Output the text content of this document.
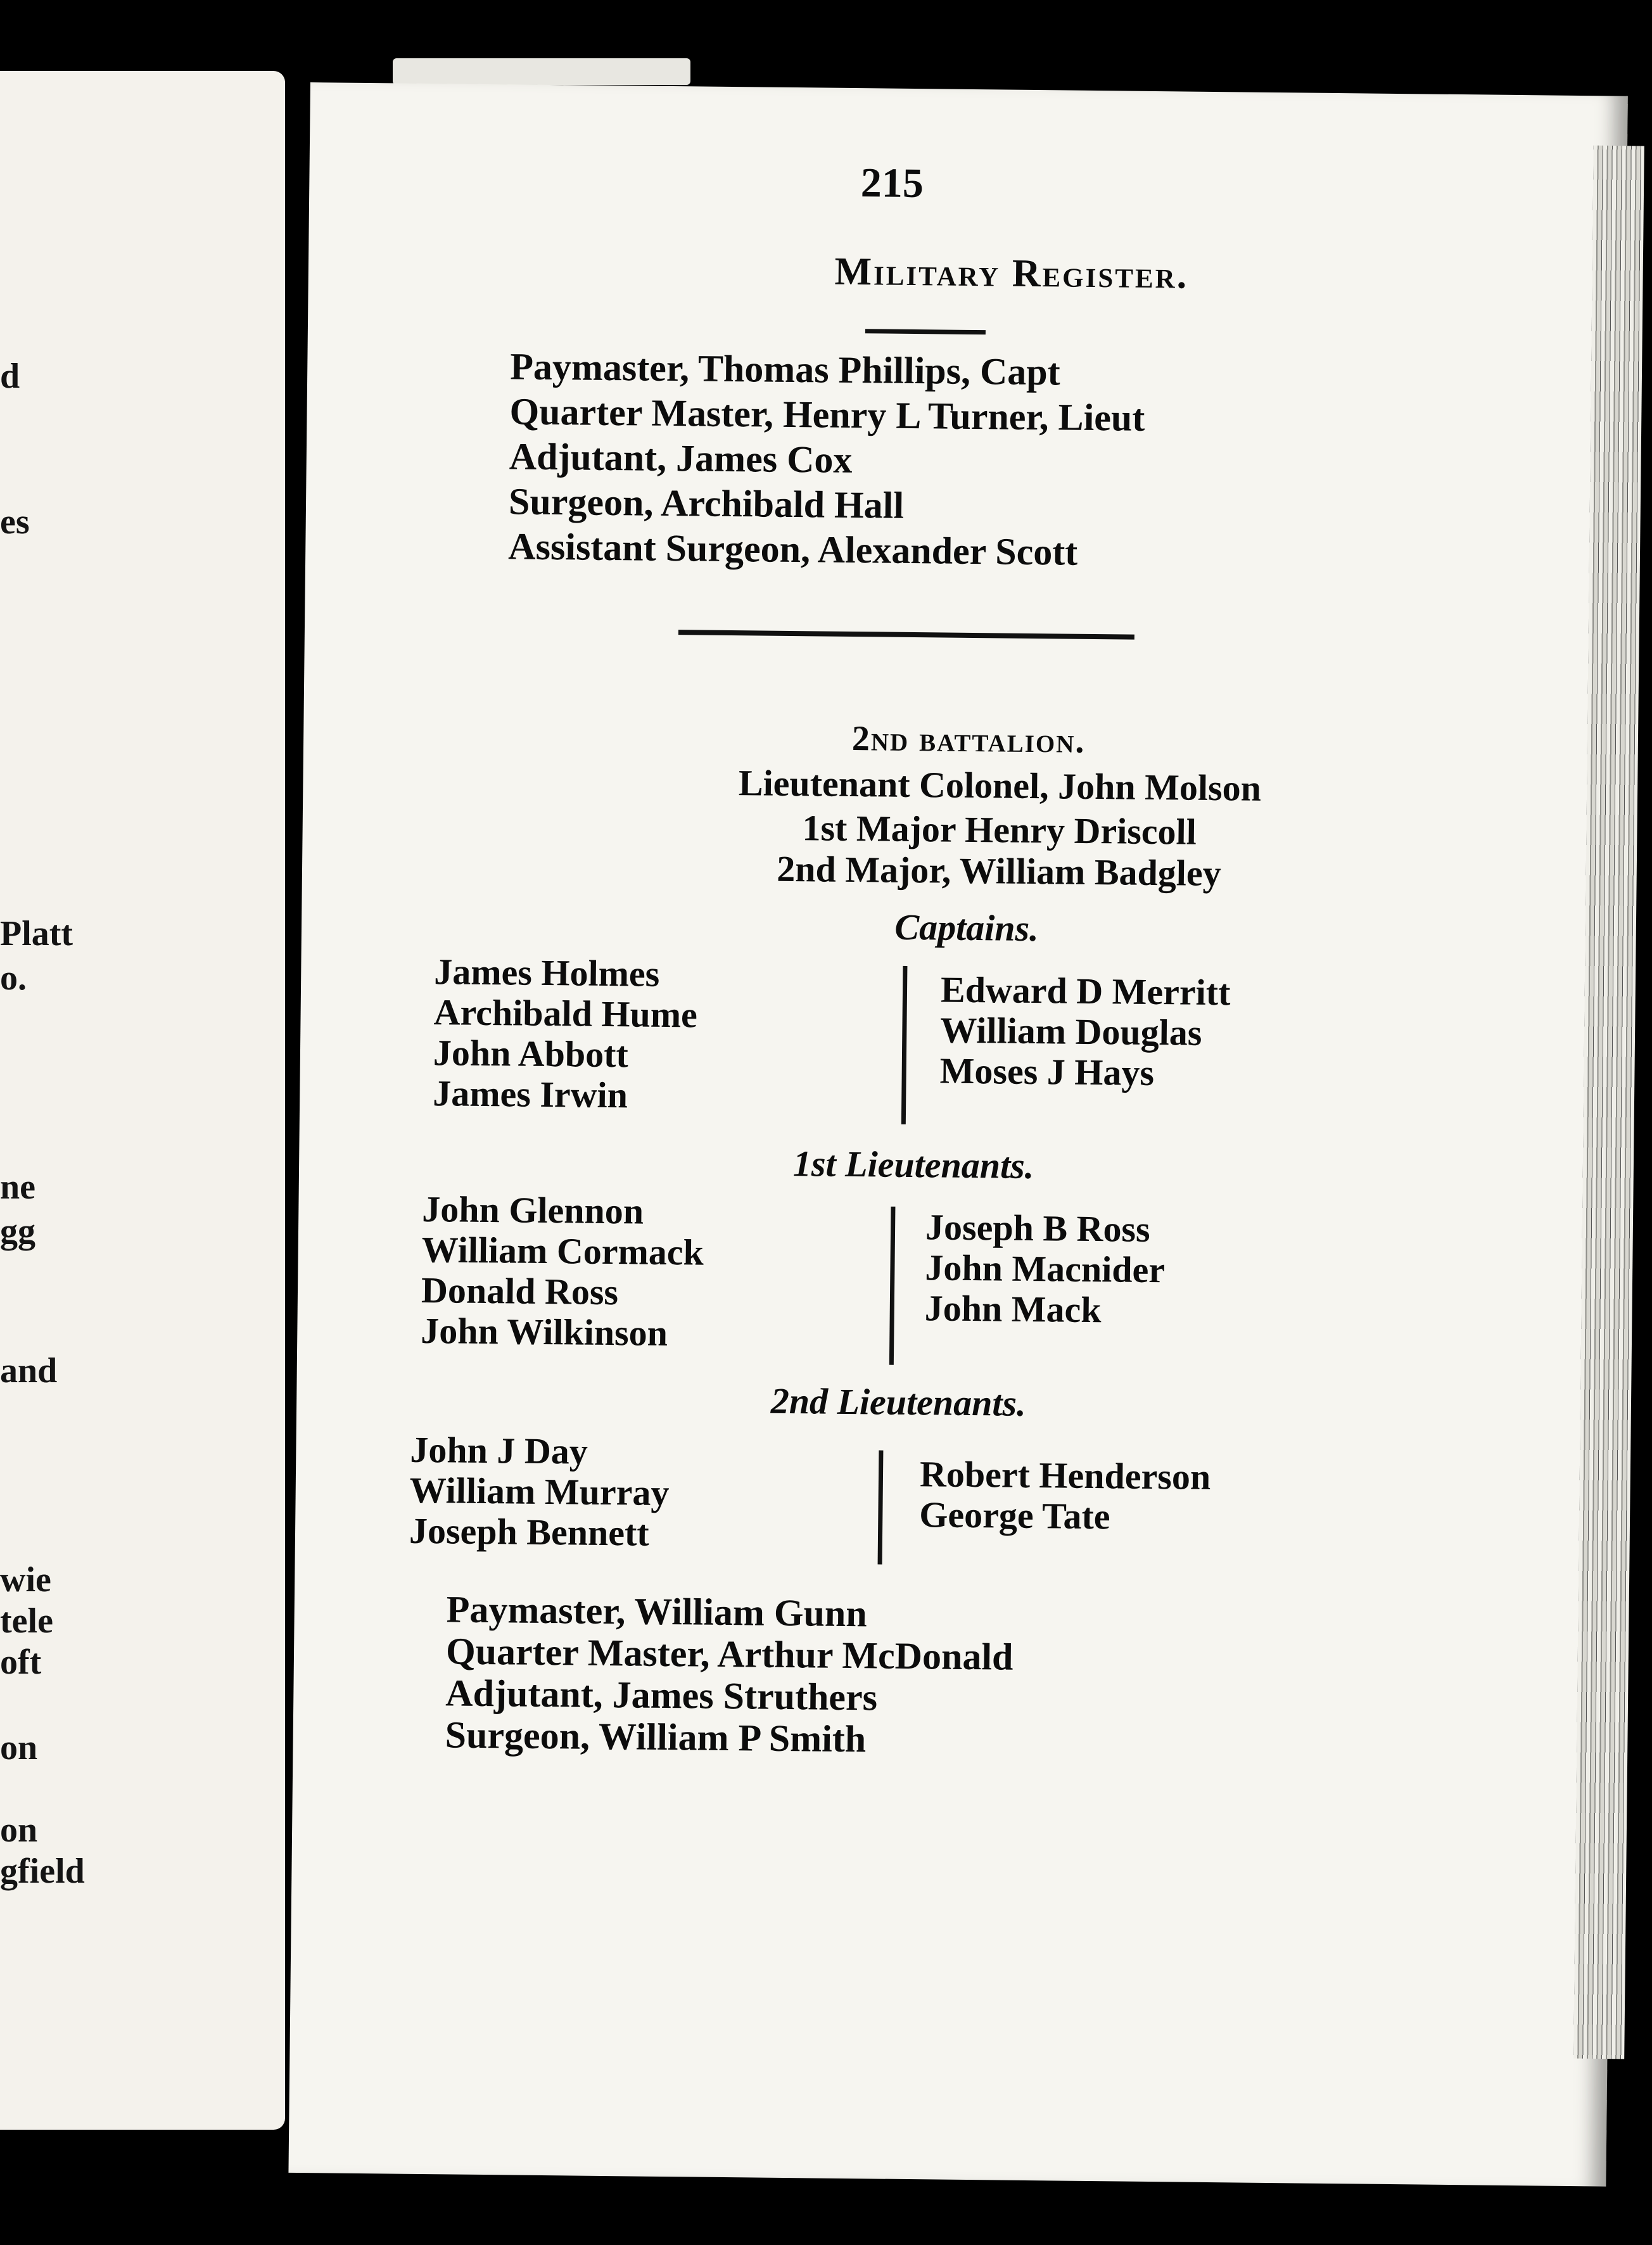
d
es
Platt
o.
ne
gg
and
wie
tele
oft
on
on
gfield
215
Military Register.
Paymaster, Thomas Phillips, Capt
Quarter Master, Henry L Turner, Lieut
Adjutant, James Cox
Surgeon, Archibald Hall
Assistant Surgeon, Alexander Scott
2nd battalion.
Lieutenant Colonel, John Molson
1st Major Henry Driscoll
2nd Major, William Badgley
Captains.
James Holmes
Archibald Hume
John Abbott
James Irwin
Edward D Merritt
William Douglas
Moses J Hays
1st Lieutenants.
John Glennon
William Cormack
Donald Ross
John Wilkinson
Joseph B Ross
John Macnider
John Mack
2nd Lieutenants.
John J Day
William Murray
Joseph Bennett
Robert Henderson
George Tate
Paymaster, William Gunn
Quarter Master, Arthur McDonald
Adjutant, James Struthers
Surgeon, William P Smith
